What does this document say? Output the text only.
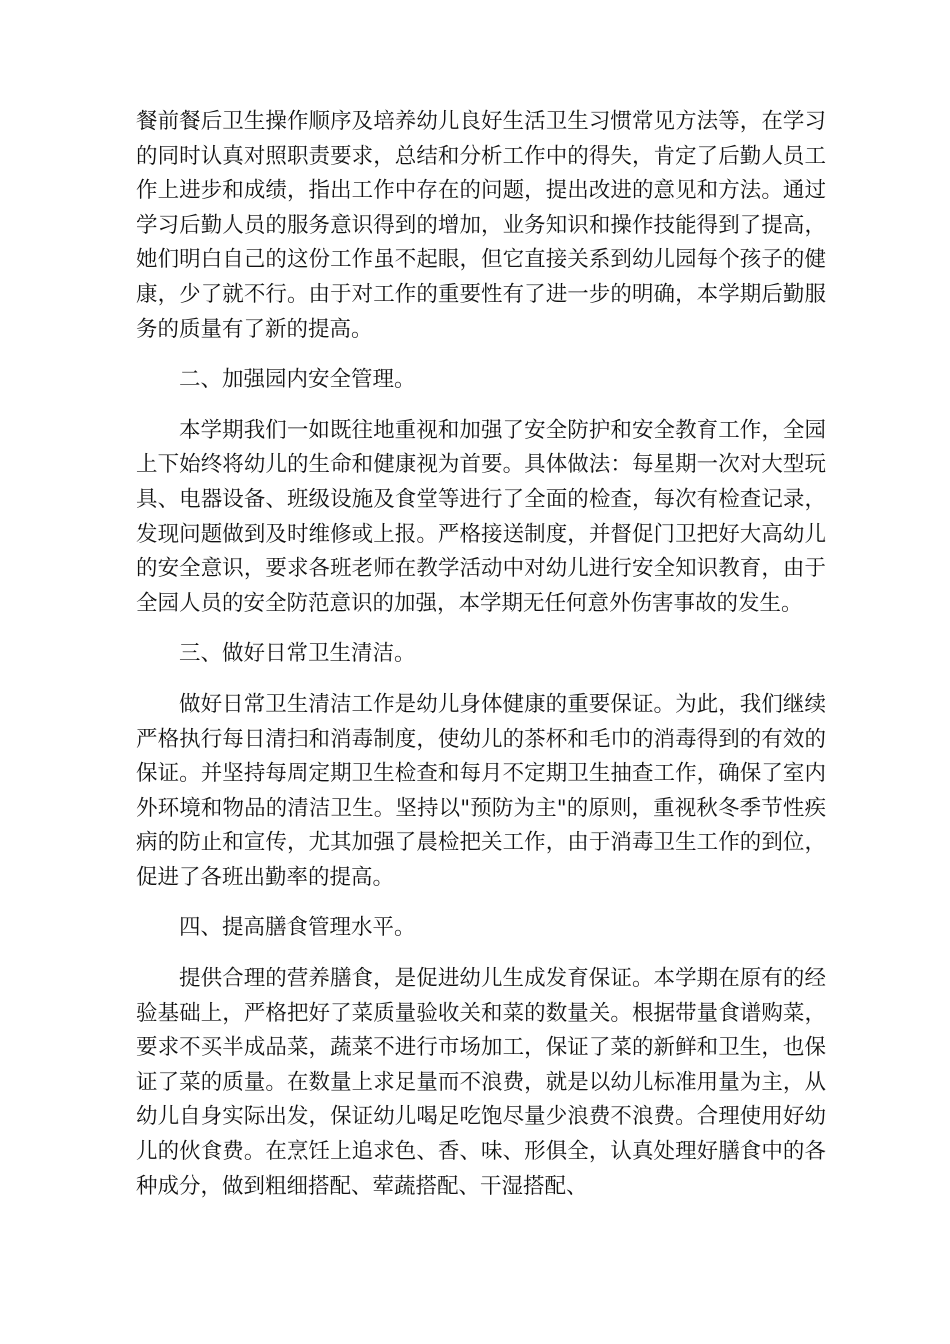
餐前餐后卫生操作顺序及培养幼儿良好生活卫生习惯常见方法等，在学习的同时认真对照职责要求，总结和分析工作中的得失，肯定了后勤人员工作上进步和成绩，指出工作中存在的问题，提出改进的意见和方法。通过学习后勤人员的服务意识得到的增加，业务知识和操作技能得到了提高，她们明白自己的这份工作虽不起眼，但它直接关系到幼儿园每个孩子的健康，少了就不行。由于对工作的重要性有了进一步的明确，本学期后勤服务的质量有了新的提高。

二、加强园内安全管理。

本学期我们一如既往地重视和加强了安全防护和安全教育工作，全园上下始终将幼儿的生命和健康视为首要。具体做法：每星期一次对大型玩具、电器设备、班级设施及食堂等进行了全面的检查，每次有检查记录，发现问题做到及时维修或上报。严格接送制度，并督促门卫把好大高幼儿的安全意识，要求各班老师在教学活动中对幼儿进行安全知识教育，由于全园人员的安全防范意识的加强，本学期无任何意外伤害事故的发生。

三、做好日常卫生清洁。

做好日常卫生清洁工作是幼儿身体健康的重要保证。为此，我们继续严格执行每日清扫和消毒制度，使幼儿的茶杯和毛巾的消毒得到的有效的保证。并坚持每周定期卫生检查和每月不定期卫生抽查工作，确保了室内外环境和物品的清洁卫生。坚持以"预防为主"的原则，重视秋冬季节性疾病的防止和宣传，尤其加强了晨检把关工作，由于消毒卫生工作的到位，促进了各班出勤率的提高。

四、提高膳食管理水平。

提供合理的营养膳食，是促进幼儿生成发育保证。本学期在原有的经验基础上，严格把好了菜质量验收关和菜的数量关。根据带量食谱购菜，要求不买半成品菜，蔬菜不进行市场加工，保证了菜的新鲜和卫生，也保证了菜的质量。在数量上求足量而不浪费，就是以幼儿标准用量为主，从幼儿自身实际出发，保证幼儿喝足吃饱尽量少浪费不浪费。合理使用好幼儿的伙食费。在烹饪上追求色、香、味、形俱全，认真处理好膳食中的各种成分，做到粗细搭配、荤蔬搭配、干湿搭配、
